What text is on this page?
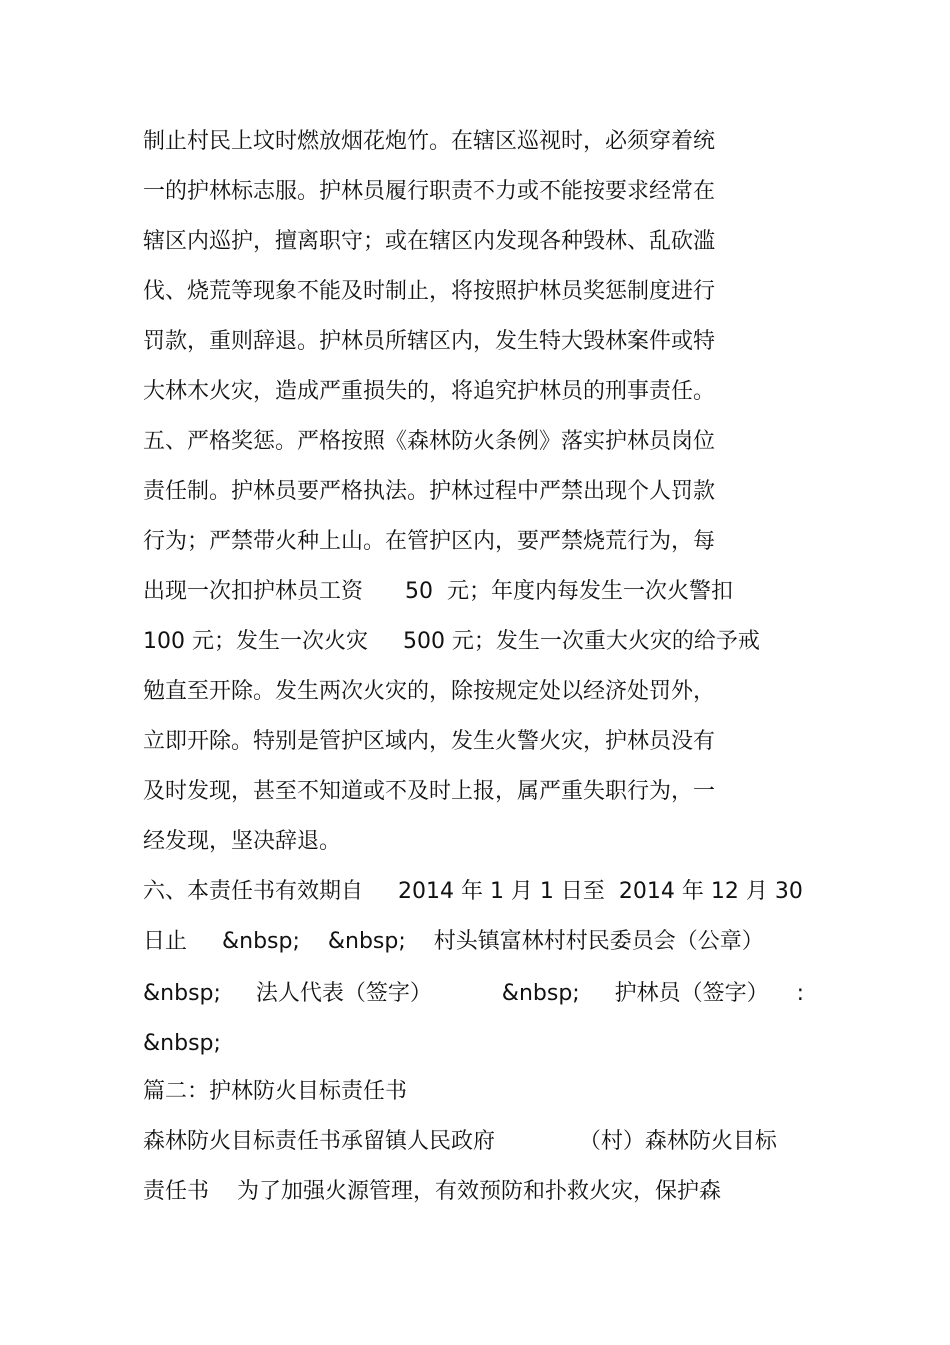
制止村民上坟时燃放烟花炮竹。在辖区巡视时，必须穿着统
一的护林标志服。护林员履行职责不力或不能按要求经常在
辖区内巡护，擅离职守；或在辖区内发现各种毁林、乱砍滥
伐、烧荒等现象不能及时制止，将按照护林员奖惩制度进行
罚款，重则辞退。护林员所辖区内，发生特大毁林案件或特
大林木火灾，造成严重损失的，将追究护林员的刑事责任。
五、严格奖惩。严格按照《森林防火条例》落实护林员岗位
责任制。护林员要严格执法。护林过程中严禁出现个人罚款
行为；严禁带火种上山。在管护区内，要严禁烧荒行为，每
出现一次扣护林员工资      50  元；年度内每发生一次火警扣
100 元；发生一次火灾     500 元；发生一次重大火灾的给予戒
勉直至开除。发生两次火灾的，除按规定处以经济处罚外，
立即开除。特别是管护区域内，发生火警火灾，护林员没有
及时发现，甚至不知道或不及时上报，属严重失职行为，一
经发现，坚决辞退。
六、本责任书有效期自     2014 年 1 月 1 日至  2014 年 12 月 30
日止     &nbsp;    &nbsp;    村头镇富林村村民委员会（公章）
&nbsp;     法人代表（签字）          &nbsp;     护林员（签字）    :
&nbsp;
篇二：护林防火目标责任书
森林防火目标责任书承留镇人民政府            （村）森林防火目标
责任书    为了加强火源管理，有效预防和扑救火灾，保护森
